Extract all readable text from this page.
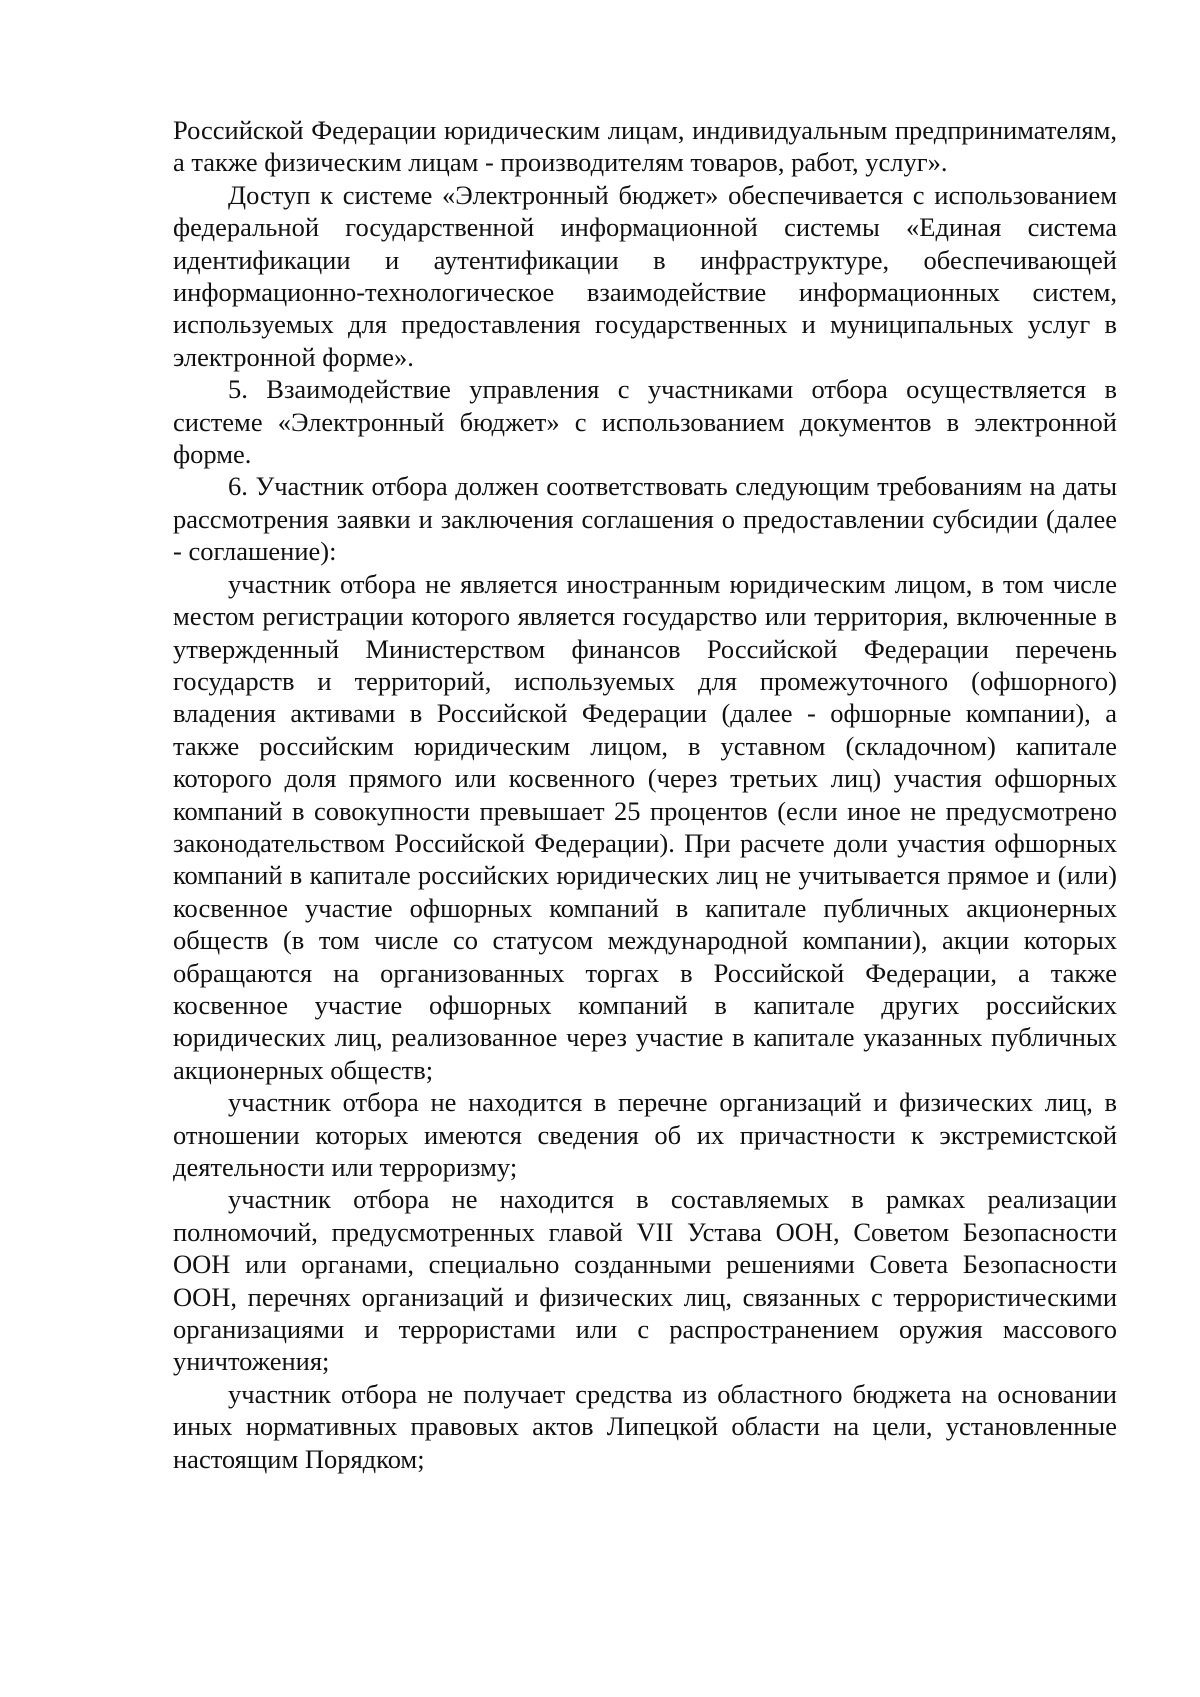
Российской Федерации юридическим лицам, индивидуальным предпринимателям, а также физическим лицам - производителям товаров, работ, услуг».

Доступ к системе «Электронный бюджет» обеспечивается с использованием федеральной государственной информационной системы «Единая система идентификации и аутентификации в инфраструктуре, обеспечивающей информационно-технологическое взаимодействие информационных систем, используемых для предоставления государственных и муниципальных услуг в электронной форме».

5. Взаимодействие управления с участниками отбора осуществляется в системе «Электронный бюджет» с использованием документов в электронной форме.

6. Участник отбора должен соответствовать следующим требованиям на даты рассмотрения заявки и заключения соглашения о предоставлении субсидии (далее - соглашение):

участник отбора не является иностранным юридическим лицом, в том числе местом регистрации которого является государство или территория, включенные в утвержденный Министерством финансов Российской Федерации перечень государств и территорий, используемых для промежуточного (офшорного) владения активами в Российской Федерации (далее - офшорные компании), а также российским юридическим лицом, в уставном (складочном) капитале которого доля прямого или косвенного (через третьих лиц) участия офшорных компаний в совокупности превышает 25 процентов (если иное не предусмотрено законодательством Российской Федерации). При расчете доли участия офшорных компаний в капитале российских юридических лиц не учитывается прямое и (или) косвенное участие офшорных компаний в капитале публичных акционерных обществ (в том числе со статусом международной компании), акции которых обращаются на организованных торгах в Российской Федерации, а также косвенное участие офшорных компаний в капитале других российских юридических лиц, реализованное через участие в капитале указанных публичных акционерных обществ;

участник отбора не находится в перечне организаций и физических лиц, в отношении которых имеются сведения об их причастности к экстремистской деятельности или терроризму;

участник отбора не находится в составляемых в рамках реализации полномочий, предусмотренных главой VII Устава ООН, Советом Безопасности ООН или органами, специально созданными решениями Совета Безопасности ООН, перечнях организаций и физических лиц, связанных с террористическими организациями и террористами или с распространением оружия массового уничтожения;

участник отбора не получает средства из областного бюджета на основании иных нормативных правовых актов Липецкой области на цели, установленные настоящим Порядком;
